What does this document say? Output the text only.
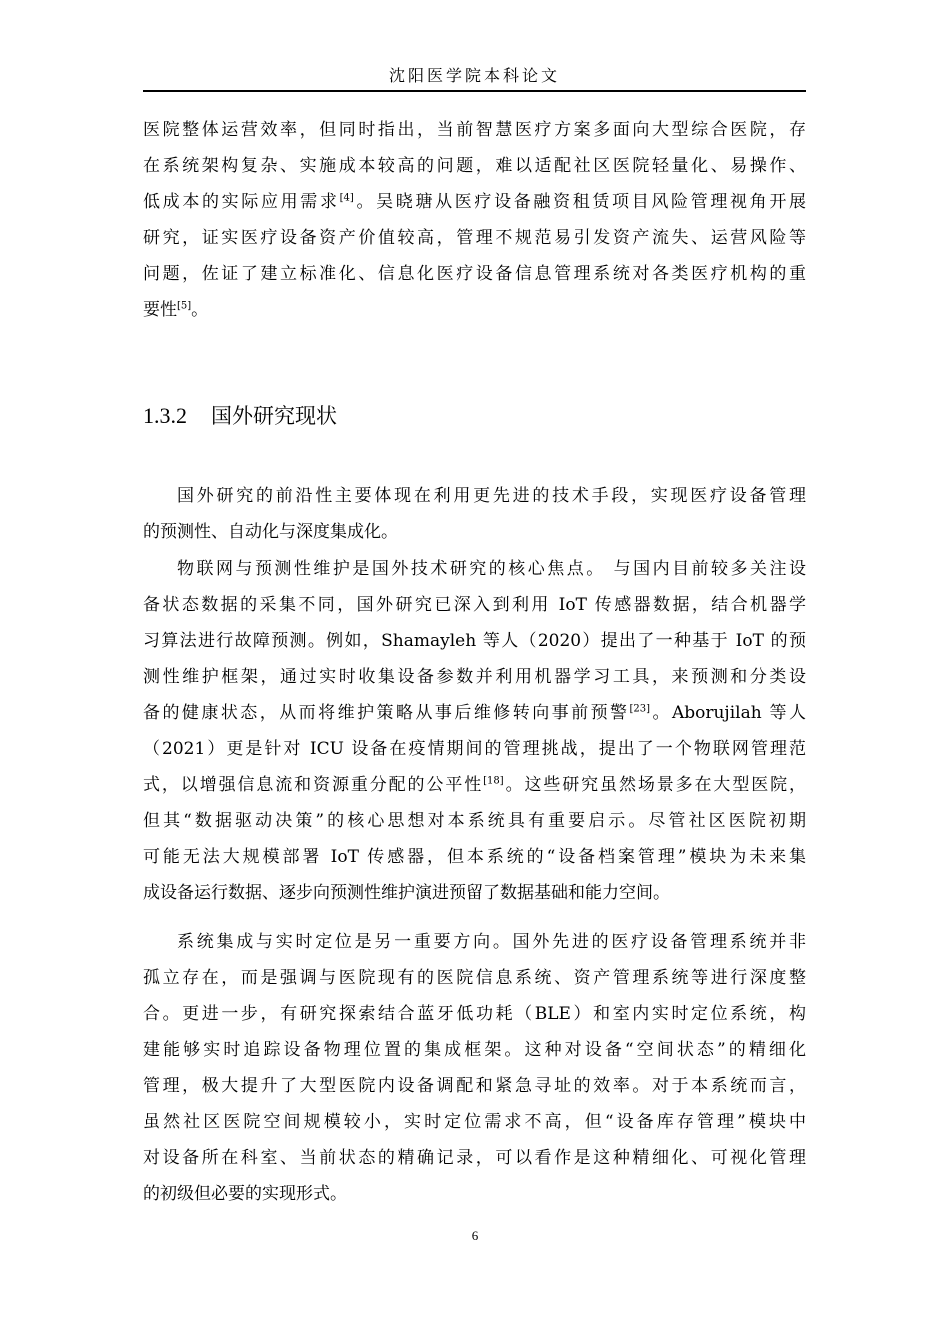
沈阳医学院本科论文
医院整体运营效率，但同时指出，当前智慧医疗方案多面向大型综合医院，存
在系统架构复杂、实施成本较高的问题，难以适配社区医院轻量化、易操作、
低成本的实际应用需求[4]。吴晓瑭从医疗设备融资租赁项目风险管理视角开展
研究，证实医疗设备资产价值较高，管理不规范易引发资产流失、运营风险等
问题，佐证了建立标准化、信息化医疗设备信息管理系统对各类医疗机构的重
要性[5]。
1.3.2 国外研究现状
国外研究的前沿性主要体现在利用更先进的技术手段，实现医疗设备管理
的预测性、自动化与深度集成化。
物联网与预测性维护是国外技术研究的核心焦点。 与国内目前较多关注设
备状态数据的采集不同，国外研究已深入到利用 IoT 传感器数据，结合机器学
习算法进行故障预测。例如，Shamayleh 等人（2020）提出了一种基于 IoT 的预
测性维护框架，通过实时收集设备参数并利用机器学习工具，来预测和分类设
备的健康状态，从而将维护策略从事后维修转向事前预警[23]。Aborujilah 等人
（2021）更是针对 ICU 设备在疫情期间的管理挑战，提出了一个物联网管理范
式，以增强信息流和资源重分配的公平性[18]。这些研究虽然场景多在大型医院，
但其“数据驱动决策”的核心思想对本系统具有重要启示。尽管社区医院初期
可能无法大规模部署 IoT 传感器，但本系统的“设备档案管理”模块为未来集
成设备运行数据、逐步向预测性维护演进预留了数据基础和能力空间。
系统集成与实时定位是另一重要方向。国外先进的医疗设备管理系统并非
孤立存在，而是强调与医院现有的医院信息系统、资产管理系统等进行深度整
合。更进一步，有研究探索结合蓝牙低功耗（BLE）和室内实时定位系统，构
建能够实时追踪设备物理位置的集成框架。这种对设备“空间状态”的精细化
管理，极大提升了大型医院内设备调配和紧急寻址的效率。对于本系统而言，
虽然社区医院空间规模较小，实时定位需求不高，但“设备库存管理”模块中
对设备所在科室、当前状态的精确记录，可以看作是这种精细化、可视化管理
的初级但必要的实现形式。
6
